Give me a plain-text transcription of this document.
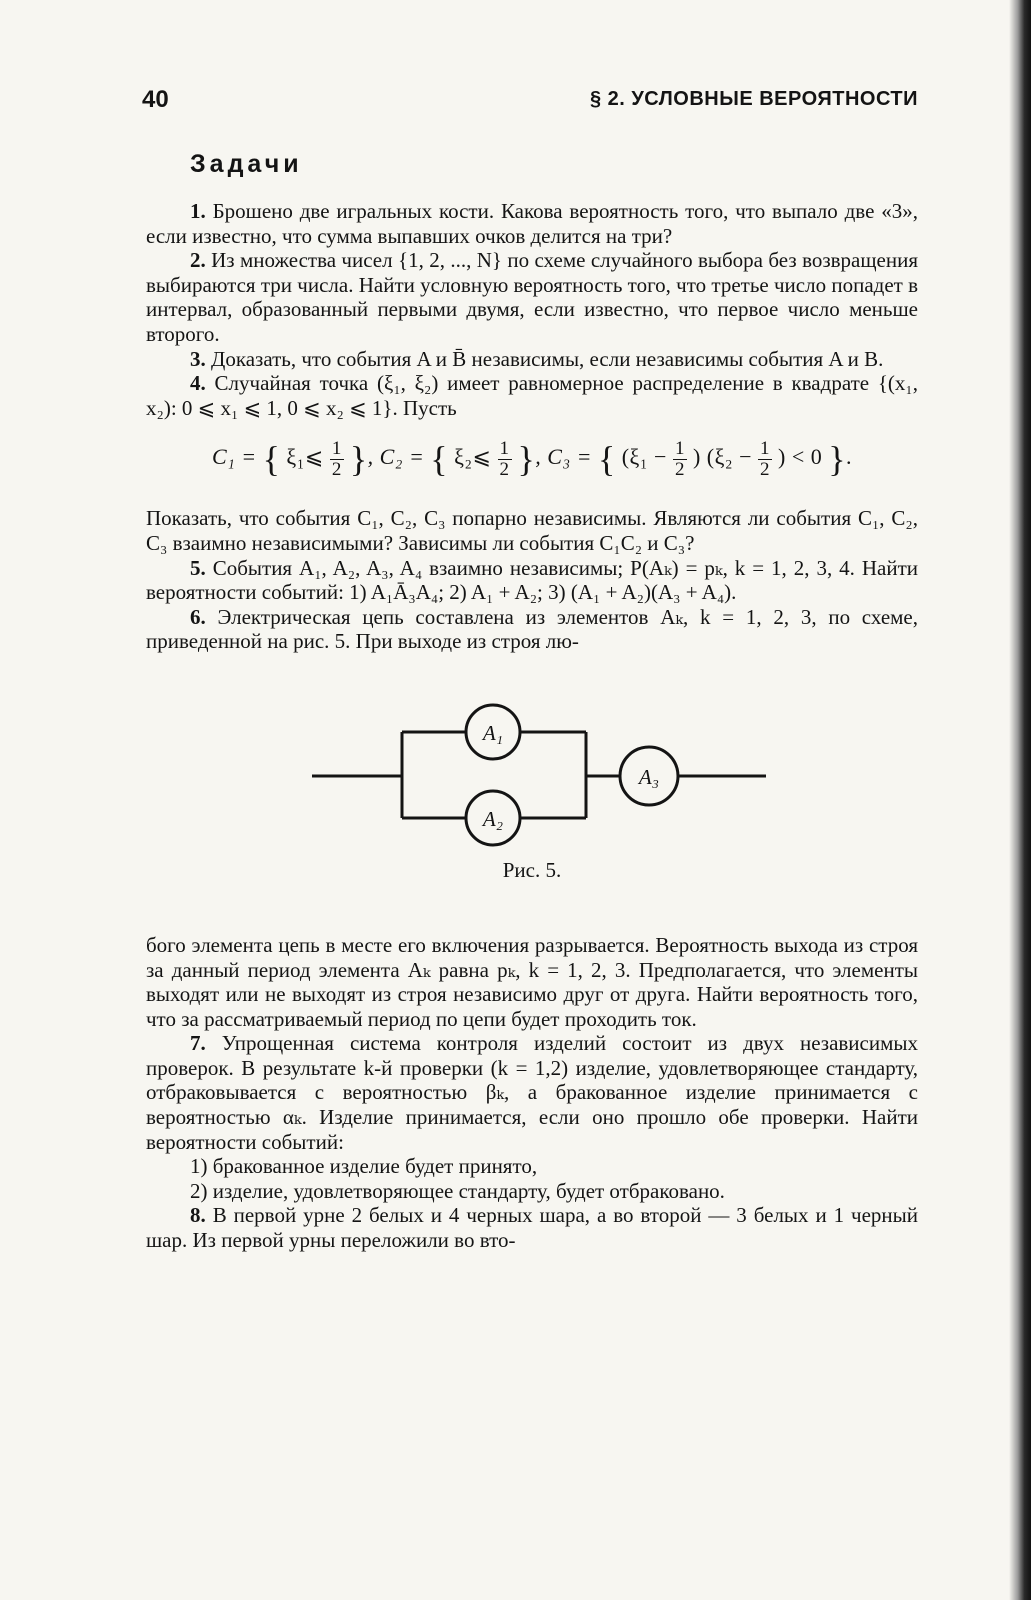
40	§ 2. УСЛОВНЫЕ ВЕРОЯТНОСТИ
Задачи

1. Брошено две игральных кости. Какова вероятность того, что выпало две «3», если известно, что сумма выпавших очков делится на три?

2. Из множества чисел {1, 2, ..., N} по схеме случайного выбора без возвращения выбираются три числа. Найти условную вероятность того, что третье число попадет в интервал, образованный первыми двумя, если известно, что первое число меньше второго.

3. Доказать, что события A и B̄ независимы, если независимы события A и B.

4. Случайная точка (ξ₁, ξ₂) имеет равномерное распределение в квадрате {(x₁, x₂): 0 ⩽ x₁ ⩽ 1, 0 ⩽ x₂ ⩽ 1}. Пусть

C₁ = { ξ₁⩽ $\frac{1}{2}$ }, C₂ = { ξ₂⩽ $\frac{1}{2}$ }, C₃ = { ($\xi_1 - \frac{1}{2}$ ) ($\xi_2 - \frac{1}{2}$ ) < 0 }.

Показать, что события C₁, C₂, C₃ попарно независимы. Являются ли события C₁, C₂, C₃ взаимно независимыми? Зависимы ли события C₁C₂ и C₃?

5. События A₁, A₂, A₃, A₄ взаимно независимы; P(Aₖ) = pₖ, k = 1, 2, 3, 4. Найти вероятности событий: 1) A₁Ā₃A₄; 2) A₁ + A₂; 3) (A₁ + A₂)(A₃ + A₄).

6. Электрическая цепь составлена из элементов Aₖ, k = 1, 2, 3, по схеме, приведенной на рис. 5. При выходе из строя лю-

A₁
A₂
A₃
Рис. 5.

бого элемента цепь в месте его включения разрывается. Вероятность выхода из строя за данный период элемента Aₖ равна pₖ, k = 1, 2, 3. Предполагается, что элементы выходят или не выходят из строя независимо друг от друга. Найти вероятность того, что за рассматриваемый период по цепи будет проходить ток.

7. Упрощенная система контроля изделий состоит из двух независимых проверок. В результате k-й проверки (k = 1,2) изделие, удовлетворяющее стандарту, отбраковывается с вероятностью βₖ, а бракованное изделие принимается с вероятностью αₖ. Изделие принимается, если оно прошло обе проверки. Найти вероятности событий:

1) бракованное изделие будет принято,

2) изделие, удовлетворяющее стандарту, будет отбраковано.

8. В первой урне 2 белых и 4 черных шара, а во второй — 3 белых и 1 черный шар. Из первой урны переложили во вто-
